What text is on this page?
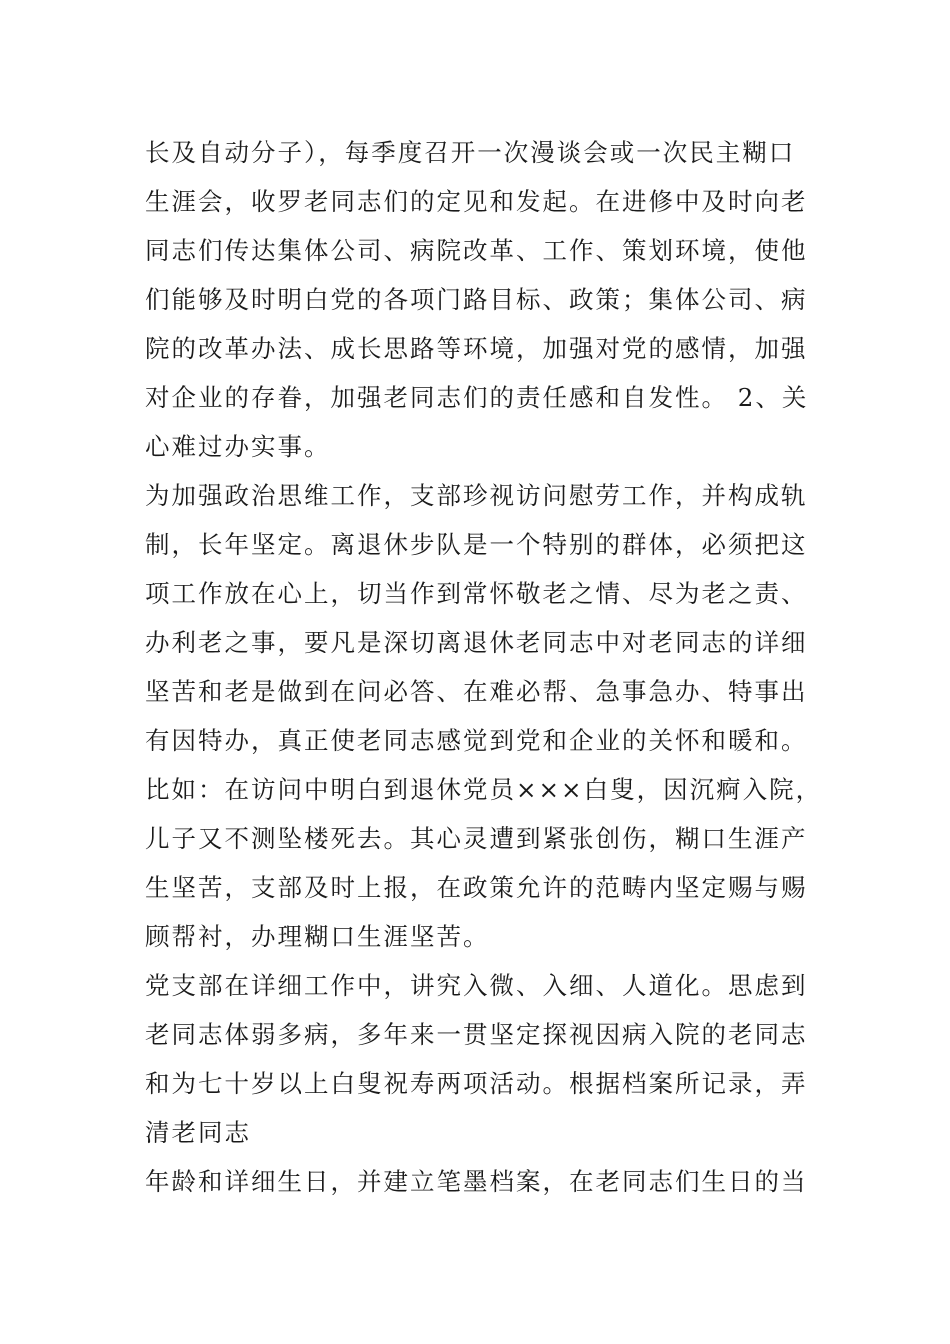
长及自动分子），每季度召开一次漫谈会或一次民主糊口
生涯会，收罗老同志们的定见和发起。在进修中及时向老
同志们传达集体公司、病院改革、工作、策划环境，使他
们能够及时明白党的各项门路目标、政策；集体公司、病
院的改革办法、成长思路等环境，加强对党的感情，加强
对企业的存眷，加强老同志们的责任感和自发性。 2、关
心难过办实事。
为加强政治思维工作，支部珍视访问慰劳工作，并构成轨
制，长年坚定。离退休步队是一个特别的群体，必须把这
项工作放在心上，切当作到常怀敬老之情、尽为老之责、
办利老之事，要凡是深切离退休老同志中对老同志的详细
坚苦和老是做到在问必答、在难必帮、急事急办、特事出
有因特办，真正使老同志感觉到党和企业的关怀和暖和。
比如：在访问中明白到退休党员×××白叟，因沉痾入院，
儿子又不测坠楼死去。其心灵遭到紧张创伤，糊口生涯产
生坚苦，支部及时上报，在政策允许的范畴内坚定赐与赐
顾帮衬，办理糊口生涯坚苦。
党支部在详细工作中，讲究入微、入细、人道化。思虑到
老同志体弱多病，多年来一贯坚定探视因病入院的老同志
和为七十岁以上白叟祝寿两项活动。根据档案所记录，弄
清老同志
年龄和详细生日，并建立笔墨档案，在老同志们生日的当
